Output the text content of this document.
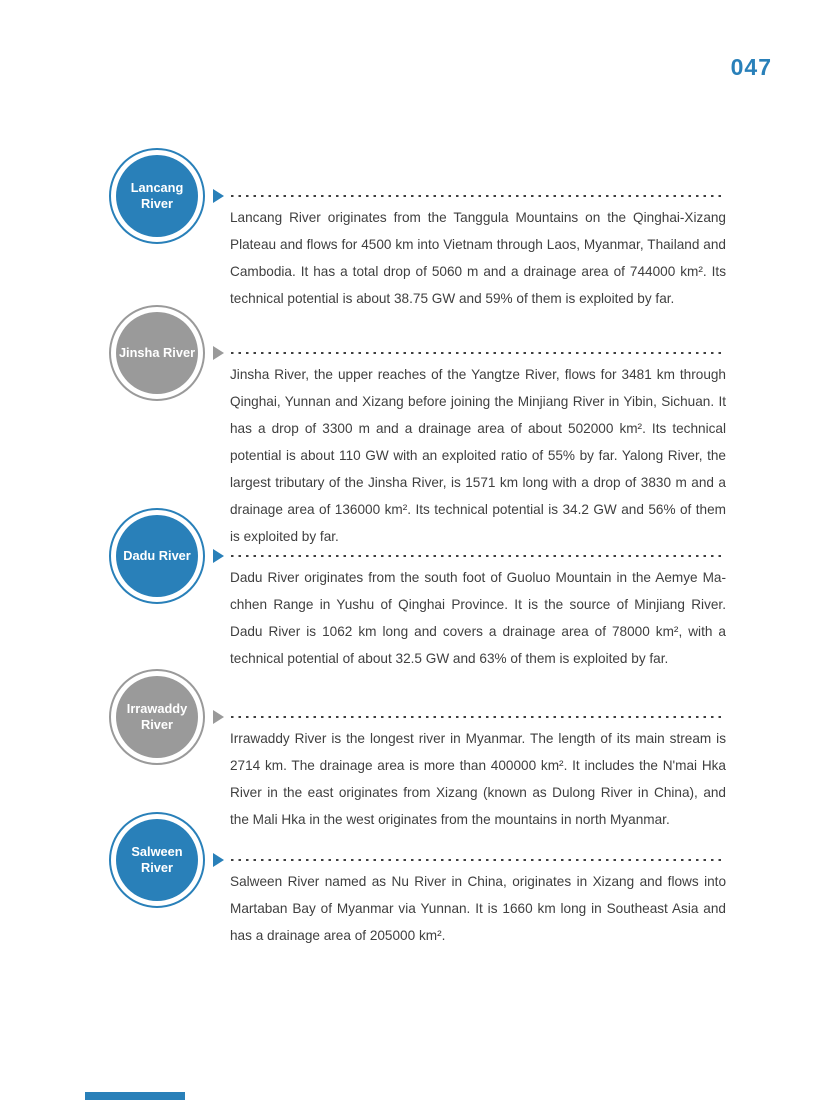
047
Lancang
River

Lancang River originates from the Tanggula Mountains on the Qinghai-Xizang Plateau and flows for 4500 km into Vietnam through Laos, Myanmar, Thailand and Cambodia. It has a total drop of 5060 m and a drainage area of 744000 km². Its technical potential is about 38.75 GW and 59% of them is exploited by far.

Jinsha River

Jinsha River, the upper reaches of the Yangtze River, flows for 3481 km through Qinghai, Yunnan and Xizang before joining the Minjiang River in Yibin, Sichuan. It has a drop of 3300 m and a drainage area of about 502000 km². Its technical potential is about 110 GW with an exploited ratio of 55% by far. Yalong River, the largest tributary of the Jinsha River, is 1571 km long with a drop of 3830 m and a drainage area of 136000 km². Its technical potential is 34.2 GW and 56% of them is exploited by far.

Dadu River

Dadu River originates from the south foot of Guoluo Mountain in the Aemye Ma-chhen Range in Yushu of Qinghai Province. It is the source of Minjiang River. Dadu River is 1062 km long and covers a drainage area of 78000 km², with a technical potential of about 32.5 GW and 63% of them is exploited by far.

Irrawaddy
River

Irrawaddy River is the longest river in Myanmar. The length of its main stream is 2714 km. The drainage area is more than 400000 km². It includes the N'mai Hka River in the east originates from Xizang (known as Dulong River in China), and the Mali Hka in the west originates from the mountains in north Myanmar.

Salween
River

Salween River named as Nu River in China, originates in Xizang and flows into Martaban Bay of Myanmar via Yunnan. It is 1660 km long in Southeast Asia and has a drainage area of 205000 km².
